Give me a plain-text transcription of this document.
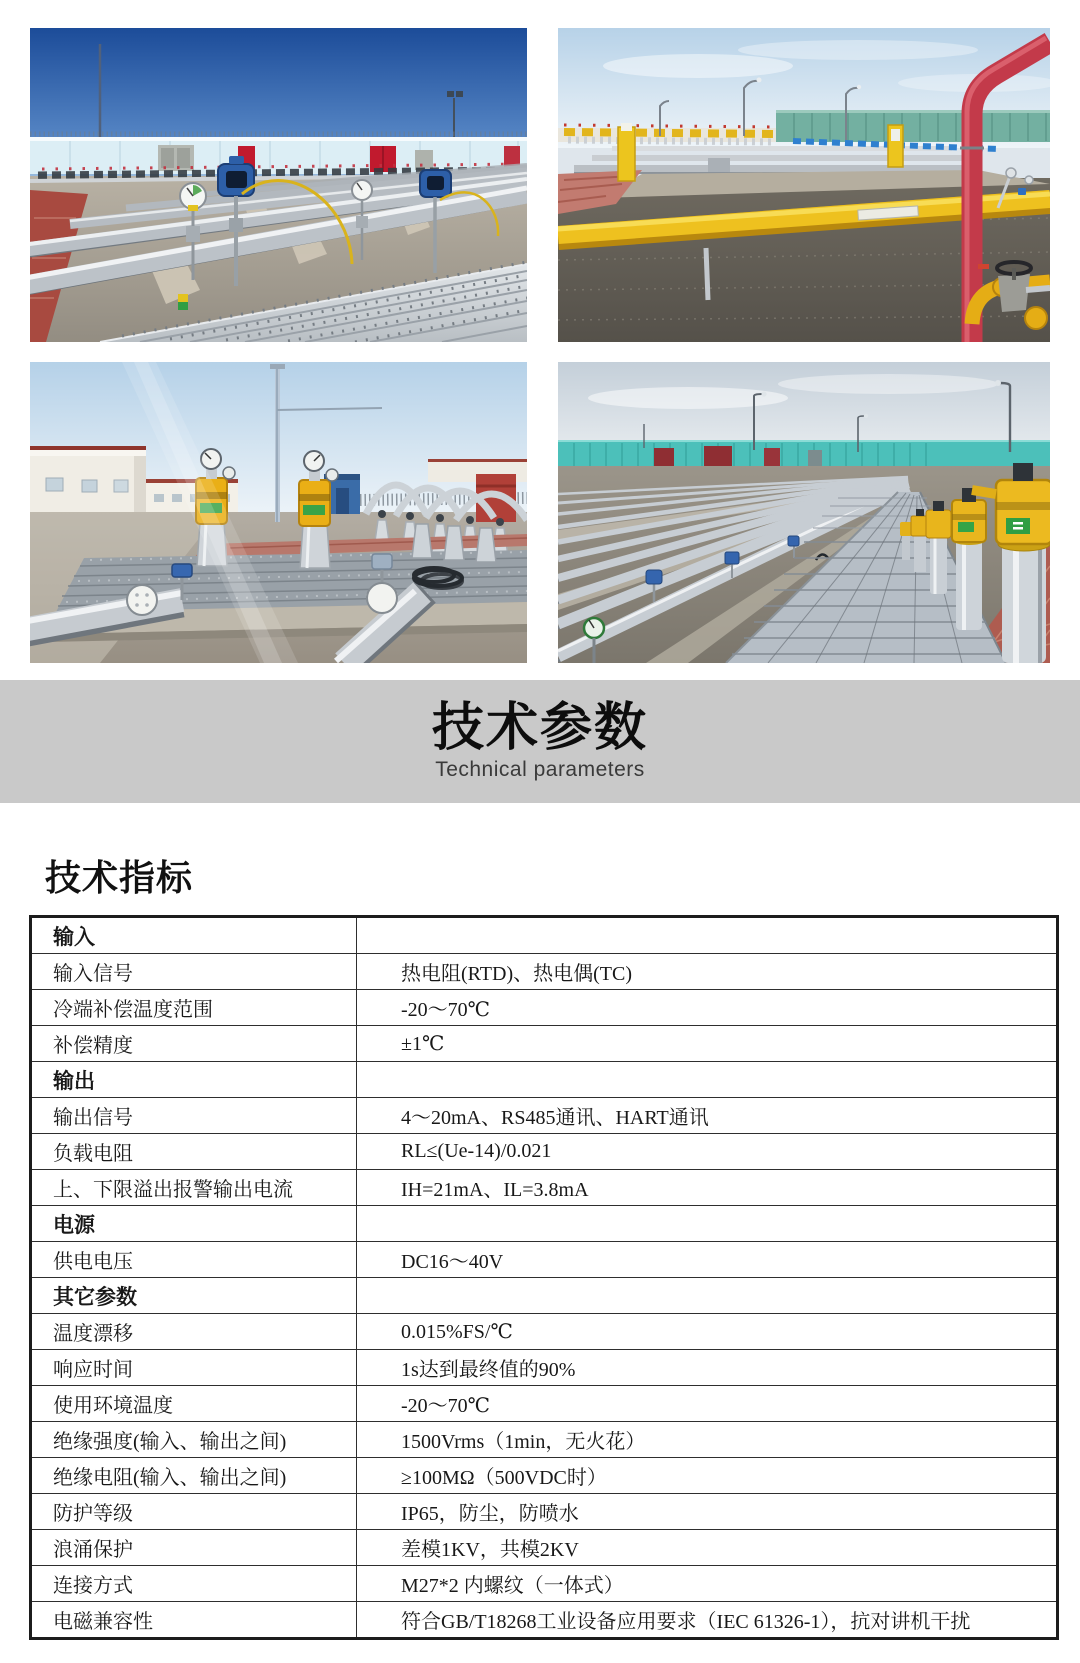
技术参数
Technical parameters
技术指标
输入	
输入信号	热电阻(RTD)、热电偶(TC)
冷端补偿温度范围	-20～70℃
补偿精度	±1℃
输出	
输出信号	4～20mA、RS485通讯、HART通讯
负载电阻	RL≤(Ue-14)/0.021
上、下限溢出报警输出电流	IH=21mA、IL=3.8mA
电源	
供电电压	DC16～40V
其它参数	
温度漂移	0.015%FS/℃
响应时间	1s达到最终值的90%
使用环境温度	-20～70℃
绝缘强度(输入、输出之间)	1500Vrms（1min，无火花）
绝缘电阻(输入、输出之间)	≥100MΩ（500VDC时）
防护等级	IP65，防尘，防喷水
浪涌保护	差模1KV，共模2KV
连接方式	M27*2 内螺纹（一体式）
电磁兼容性	符合GB/T18268工业设备应用要求（IEC 61326-1），抗对讲机干扰
